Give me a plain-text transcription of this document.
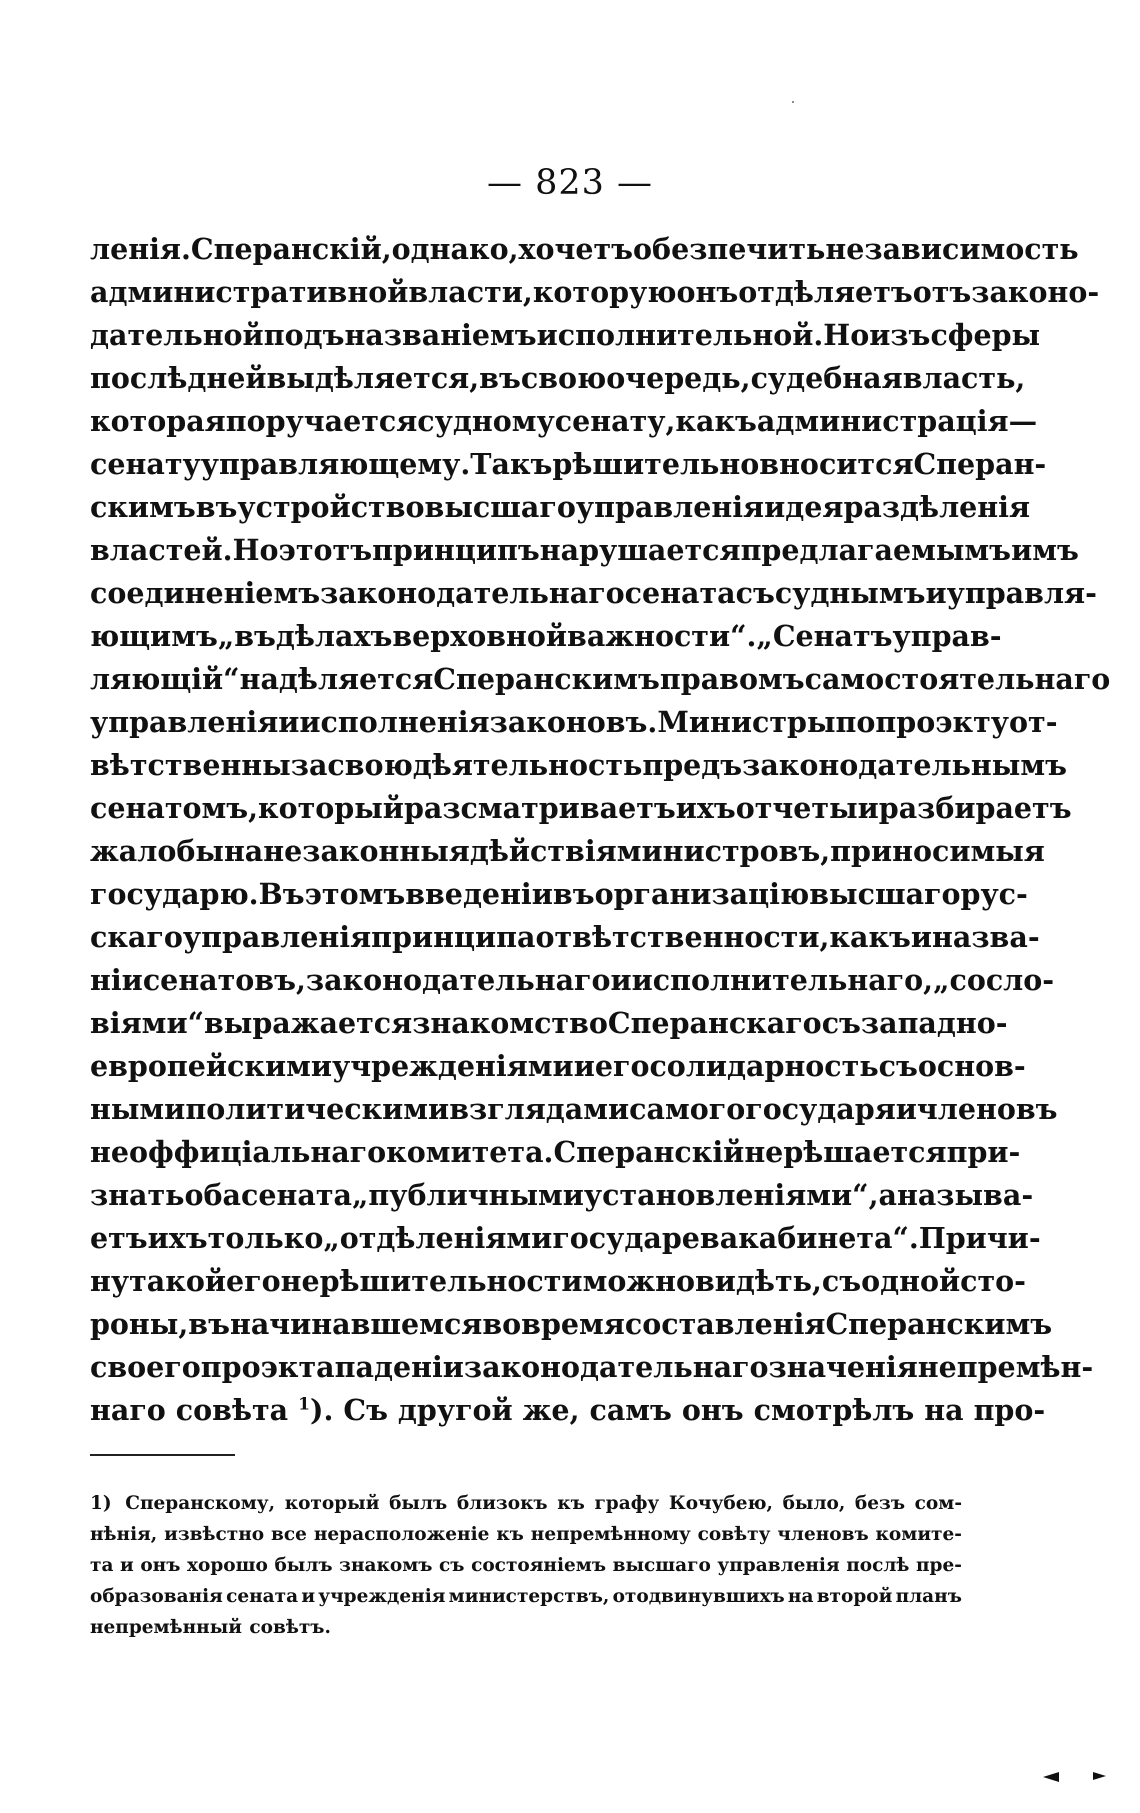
— 823 —
ленія. Сперанскій, однако, хочетъ обезпечить независимость
административной власти, которую онъ отдѣляетъ отъ законо-
дательной подъ названіемъ исполнительной. Но изъ сферы
послѣдней выдѣляется, въ свою очередь, судебная власть,
которая поручается судному сенату, какъ администрація—
сенату управляющему. Такъ рѣшительно вносится Сперан-
скимъ въ устройство высшаго управленія идея раздѣленія
властей. Но этотъ принципъ нарушается предлагаемымъ имъ
соединеніемъ законодательнаго сената съ суднымъ и управля-
ющимъ „въ дѣлахъ верховной важности“. „Сенатъ управ-
ляющій“ надѣляется Сперанскимъ правомъ самостоятельнаго
управленія и исполненія законовъ. Министры по проэкту от-
вѣтственны за свою дѣятельность предъ законодательнымъ
сенатомъ, который разсматриваетъ ихъ отчеты и разбираетъ
жалобы на незаконныя дѣйствія министровъ, приносимыя
государю. Въ этомъ введеніи въ организацію высшаго рус-
скаго управленія принципа отвѣтственности, какъ и назва-
ніи сенатовъ, законодательнаго и исполнительнаго, „сосло-
віями“ выражается знакомство Сперанскаго съ западно-
европейскими учрежденіями и его солидарность съ основ-
ными политическими взглядами самого государя и членовъ
неоффиціальнаго комитета. Сперанскій не рѣшается при-
знать оба сената „публичными установленіями“, а называ-
етъ ихъ только „отдѣленіями государева кабинета“. Причи-
ну такой его нерѣшительности можно видѣть, съ одной сто-
роны, въ начинавшемся во время составленія Сперанскимъ
своего проэкта паденіи законодательнаго значенія непремѣн-
наго совѣта $^1$). Съ другой же, самъ онъ смотрѣлъ на про-
1) Сперанскому, который былъ близокъ къ графу Кочубею, было, безъ сом-
нѣнія, извѣстно все нерасположеніе къ непремѣнному совѣту членовъ комите-
та и онъ хорошо былъ знакомъ съ состояніемъ высшаго управленія послѣ пре-
образованія сената и учрежденія министерствъ, отодвинувшихъ на второй планъ
непремѣнный совѣтъ.
